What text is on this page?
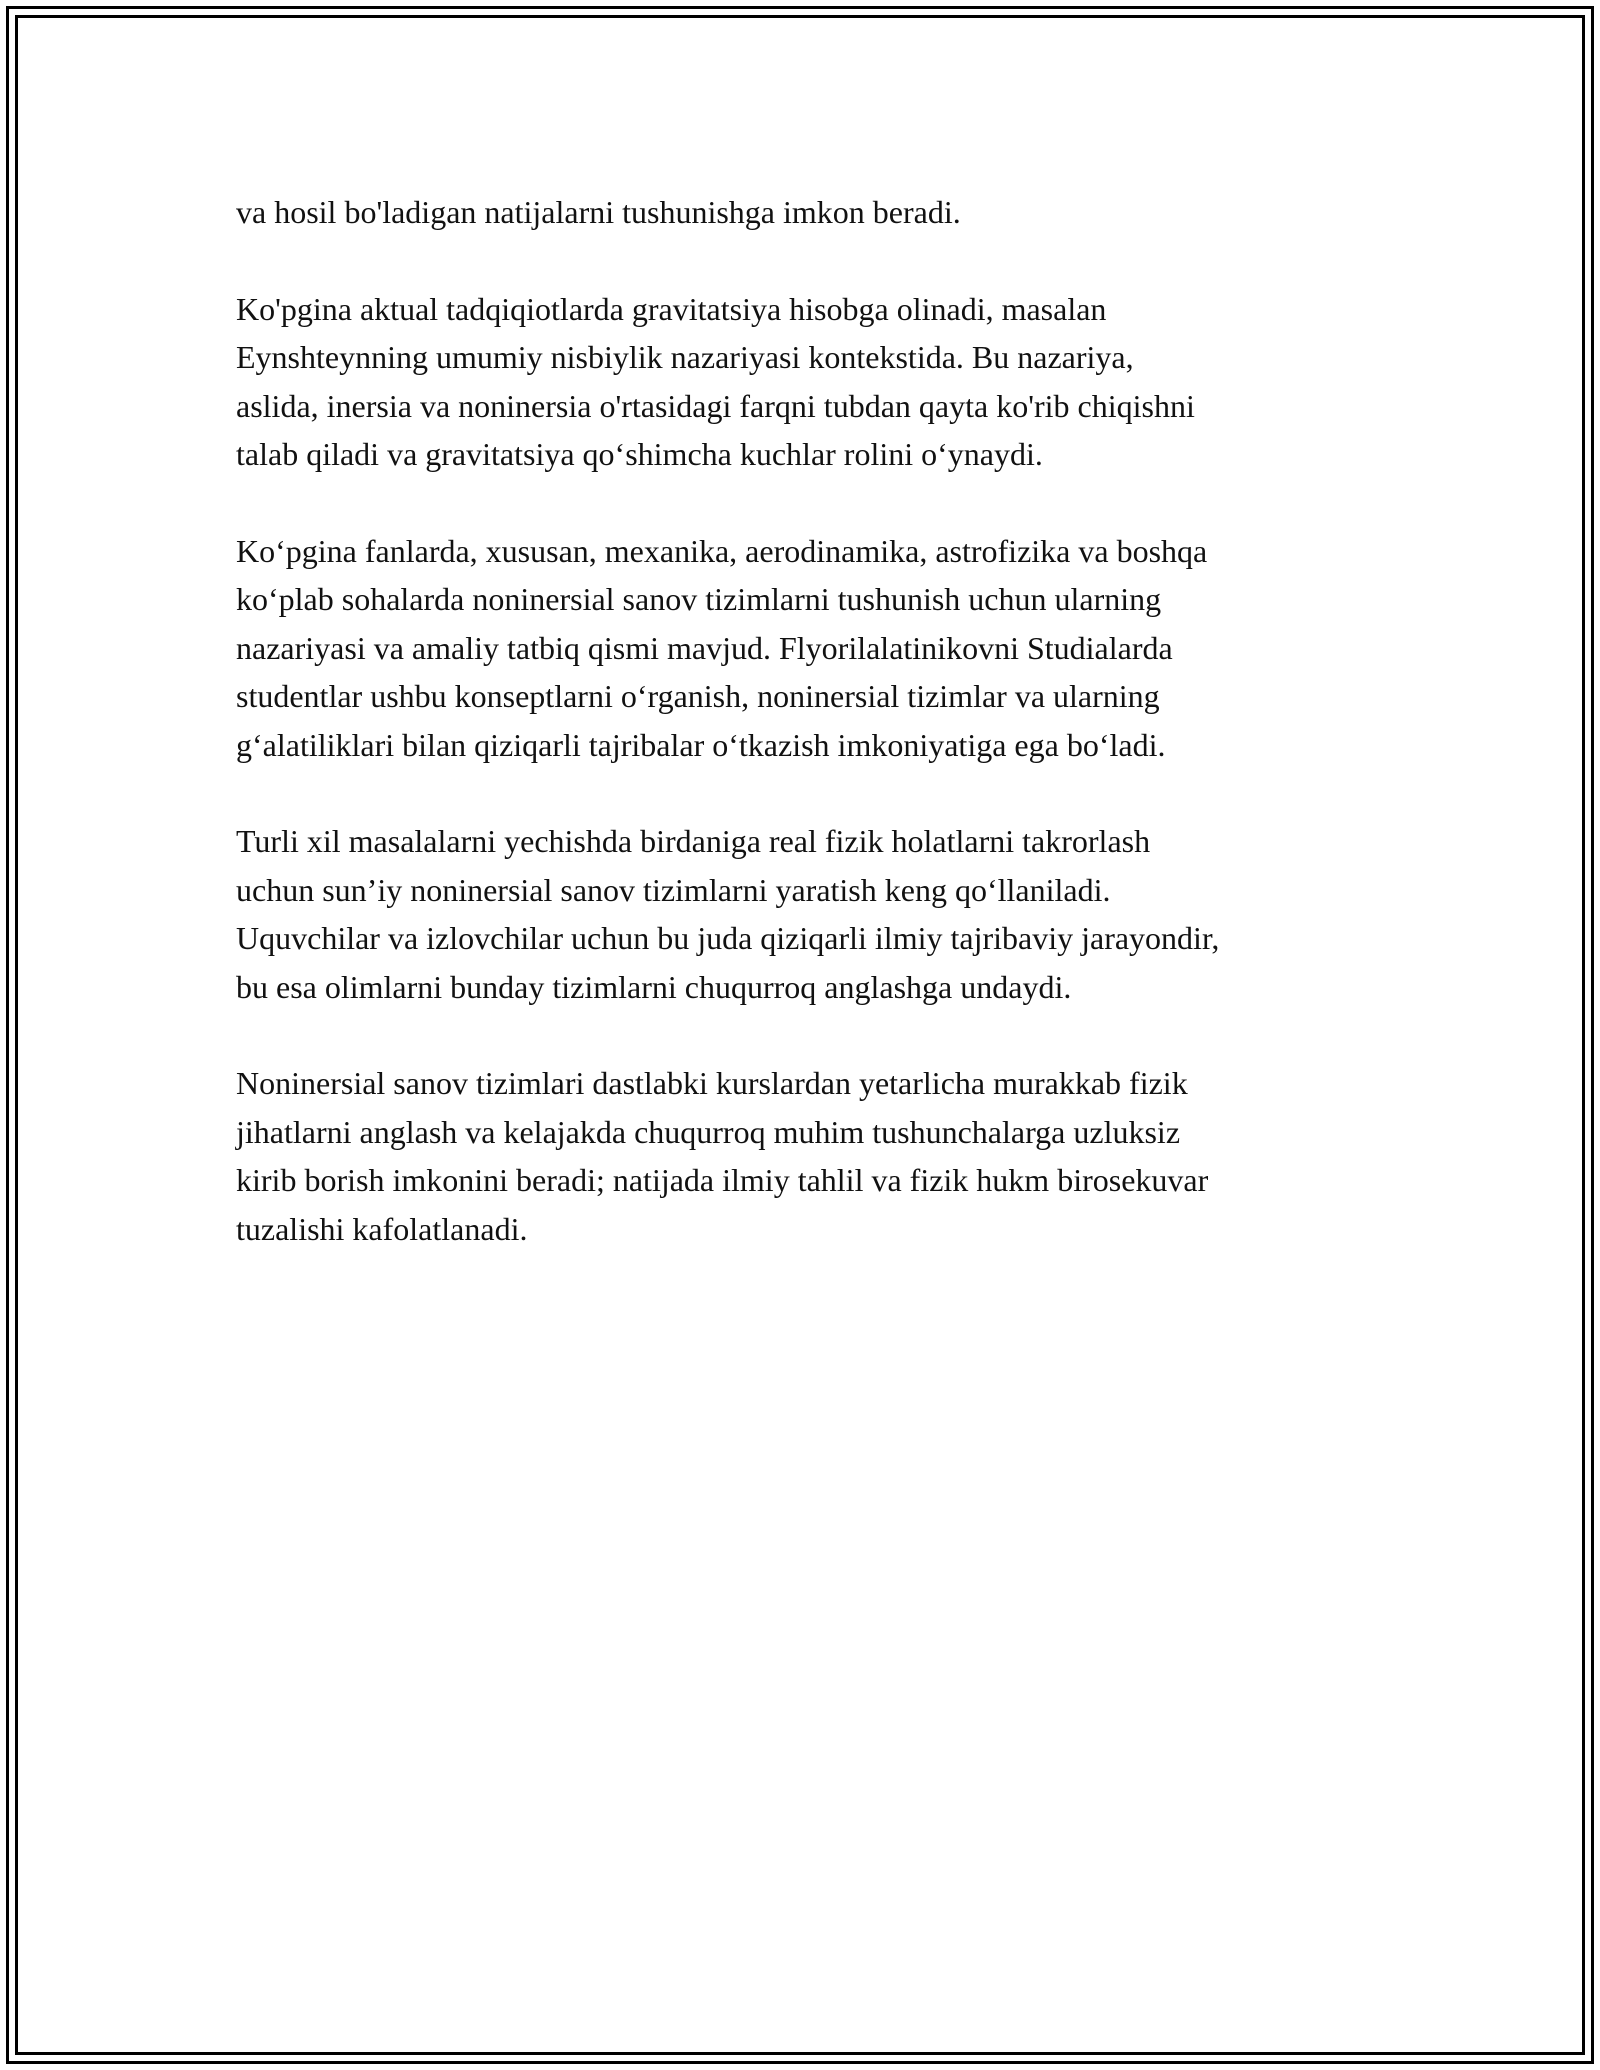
va hosil bo'ladigan natijalarni tushunishga imkon beradi.

Ko'pgina aktual tadqiqiotlarda gravitatsiya hisobga olinadi, masalan
Eynshteynning umumiy nisbiylik nazariyasi kontekstida. Bu nazariya,
aslida, inersia va noninersia o'rtasidagi farqni tubdan qayta ko'rib chiqishni
talab qiladi va gravitatsiya qo‘shimcha kuchlar rolini o‘ynaydi.

Ko‘pgina fanlarda, xususan, mexanika, aerodinamika, astrofizika va boshqa
ko‘plab sohalarda noninersial sanov tizimlarni tushunish uchun ularning
nazariyasi va amaliy tatbiq qismi mavjud. Flyorilalatinikovni Studialarda
studentlar ushbu konseptlarni o‘rganish, noninersial tizimlar va ularning
g‘alatiliklari bilan qiziqarli tajribalar o‘tkazish imkoniyatiga ega bo‘ladi.

Turli xil masalalarni yechishda birdaniga real fizik holatlarni takrorlash
uchun sun’iy noninersial sanov tizimlarni yaratish keng qo‘llaniladi.
Uquvchilar va izlovchilar uchun bu juda qiziqarli ilmiy tajribaviy jarayondir,
bu esa olimlarni bunday tizimlarni chuqurroq anglashga undaydi.

Noninersial sanov tizimlari dastlabki kurslardan yetarlicha murakkab fizik
jihatlarni anglash va kelajakda chuqurroq muhim tushunchalarga uzluksiz
kirib borish imkonini beradi; natijada ilmiy tahlil va fizik hukm birosekuvar
tuzalishi kafolatlanadi.
